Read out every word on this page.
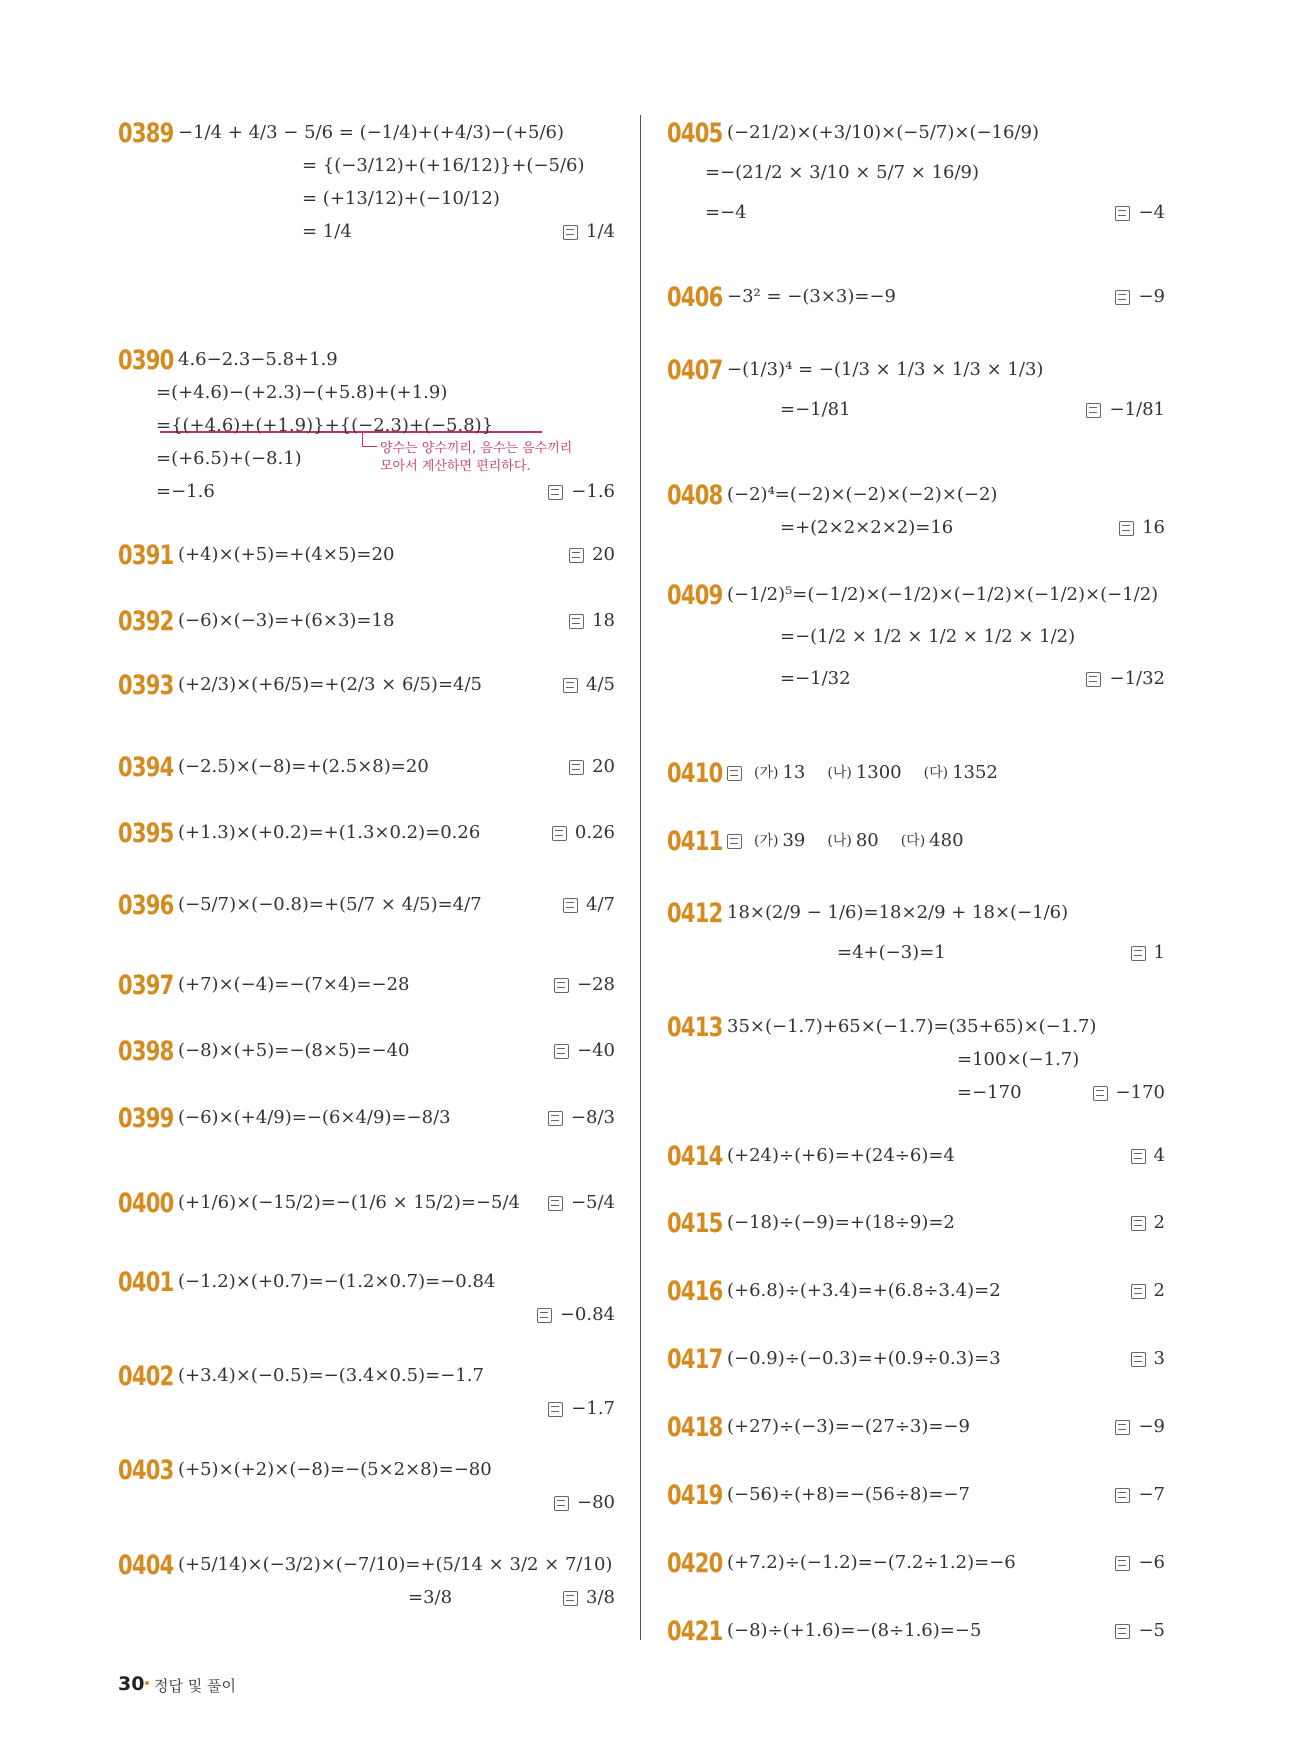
양수는 양수끼리, 음수는 음수끼리
모아서 계산하면 편리하다.
0389 −1/4 + 4/3 − 5/6 = (−1/4)+(+4/3)−(+5/6)
= {(−3/12)+(+16/12)}+(−5/6)
= (+13/12)+(−10/12)
= 1/4	1/4
0390 4.6−2.3−5.8+1.9
=(+4.6)−(+2.3)−(+5.8)+(+1.9)
={(+4.6)+(+1.9)}+{(−2.3)+(−5.8)}
=(+6.5)+(−8.1)
=−1.6	−1.6
0391 (+4)×(+5)=+(4×5)=20	20
0392 (−6)×(−3)=+(6×3)=18	18
0393 (+2/3)×(+6/5)=+(2/3 × 6/5)=4/5	4/5
0394 (−2.5)×(−8)=+(2.5×8)=20	20
0395 (+1.3)×(+0.2)=+(1.3×0.2)=0.26	0.26
0396 (−5/7)×(−0.8)=+(5/7 × 4/5)=4/7	4/7
0397 (+7)×(−4)=−(7×4)=−28	−28
0398 (−8)×(+5)=−(8×5)=−40	−40
0399 (−6)×(+4/9)=−(6×4/9)=−8/3	−8/3
0400 (+1/6)×(−15/2)=−(1/6 × 15/2)=−5/4	−5/4
0401 (−1.2)×(+0.7)=−(1.2×0.7)=−0.84
−0.84
0402 (+3.4)×(−0.5)=−(3.4×0.5)=−1.7
−1.7
0403 (+5)×(+2)×(−8)=−(5×2×8)=−80
−80
0404 (+5/14)×(−3/2)×(−7/10)=+(5/14 × 3/2 × 7/10)
=3/8	3/8
0405 (−21/2)×(+3/10)×(−5/7)×(−16/9)
=−(21/2 × 3/10 × 5/7 × 16/9)
=−4	−4
0406 −3² = −(3×3)=−9	−9
0407 −(1/3)⁴ = −(1/3 × 1/3 × 1/3 × 1/3)
=−1/81	−1/81
0408 (−2)⁴=(−2)×(−2)×(−2)×(−2)
=+(2×2×2×2)=16	16
0409 (−1/2)⁵=(−1/2)×(−1/2)×(−1/2)×(−1/2)×(−1/2)
=−(1/2 × 1/2 × 1/2 × 1/2 × 1/2)
=−1/32	−1/32
0410 (가) 13 (나) 1300 (다) 1352
0411 (가) 39 (나) 80 (다) 480
0412 18×(2/9 − 1/6)=18×2/9 + 18×(−1/6)
=4+(−3)=1	1
0413 35×(−1.7)+65×(−1.7)=(35+65)×(−1.7)
=100×(−1.7)
=−170	−170
0414 (+24)÷(+6)=+(24÷6)=4	4
0415 (−18)÷(−9)=+(18÷9)=2	2
0416 (+6.8)÷(+3.4)=+(6.8÷3.4)=2	2
0417 (−0.9)÷(−0.3)=+(0.9÷0.3)=3	3
0418 (+27)÷(−3)=−(27÷3)=−9	−9
0419 (−56)÷(+8)=−(56÷8)=−7	−7
0420 (+7.2)÷(−1.2)=−(7.2÷1.2)=−6	−6
0421 (−8)÷(+1.6)=−(8÷1.6)=−5	−5
30 정답 및 풀이
